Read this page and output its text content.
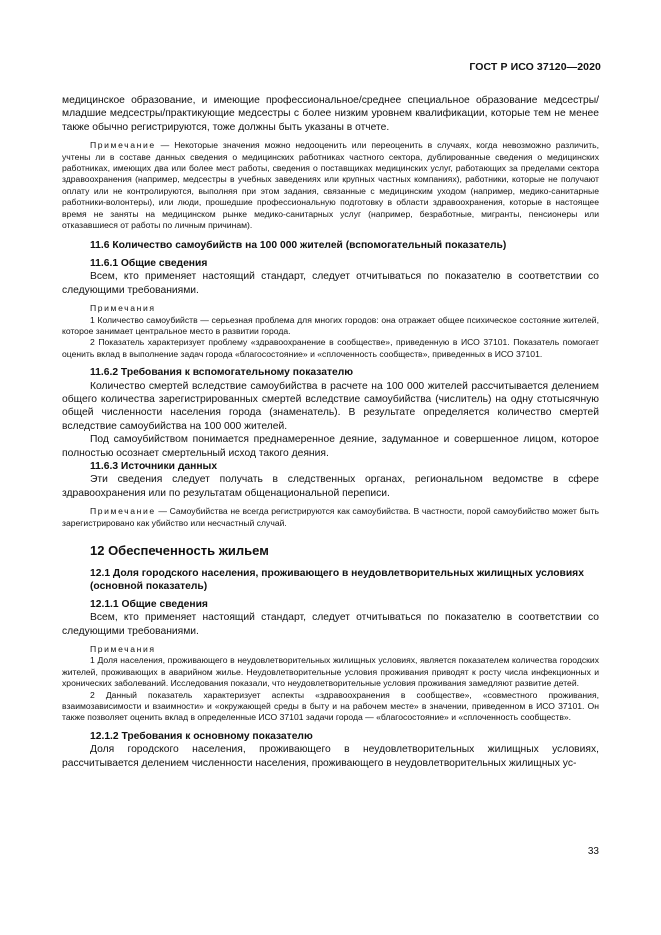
ГОСТ Р ИСО 37120—2020

медицинское образование, и имеющие профессиональное/среднее специальное образование медсестры/младшие медсестры/практикующие медсестры с более низким уровнем квалификации, которые тем не менее также обычно регистрируются, тоже должны быть указаны в отчете.

Примечание — Некоторые значения можно недооценить или переоценить в случаях, когда невозможно различить, учтены ли в составе данных сведения о медицинских работниках частного сектора, дублированные сведения о медицинских работниках, имеющих два или более мест работы, сведения о поставщиках медицинских услуг, работающих за пределами сектора здравоохранения (например, медсестры в учебных заведениях или крупных частных компаниях), работники, которые не получают оплату или не контролируются, выполняя при этом задания, связанные с медицинским уходом (например, медико-санитарные работники-волонтеры), или люди, прошедшие профессиональную подготовку в области здравоохранения, которые в настоящее время не заняты на медицинском рынке медико-санитарных услуг (например, безработные, мигранты, пенсионеры или отказавшиеся от работы по личным причинам).

11.6 Количество самоубийств на 100 000 жителей (вспомогательный показатель)

11.6.1 Общие сведения

Всем, кто применяет настоящий стандарт, следует отчитываться по показателю в соответствии со следующими требованиями.

Примечания

1 Количество самоубийств — серьезная проблема для многих городов: она отражает общее психическое состояние жителей, которое занимает центральное место в развитии города.

2 Показатель характеризует проблему «здравоохранение в сообществе», приведенную в ИСО 37101. Показатель помогает оценить вклад в выполнение задач города «благосостояние» и «сплоченность сообществ», приведенных в ИСО 37101.

11.6.2 Требования к вспомогательному показателю

Количество смертей вследствие самоубийства в расчете на 100 000 жителей рассчитывается делением общего количества зарегистрированных смертей вследствие самоубийства (числитель) на одну стотысячную общей численности населения города (знаменатель). В результате определяется количество смертей вследствие самоубийства на 100 000 жителей.

Под самоубийством понимается преднамеренное деяние, задуманное и совершенное лицом, которое полностью осознает смертельный исход такого деяния.

11.6.3 Источники данных

Эти сведения следует получать в следственных органах, региональном ведомстве в сфере здравоохранения или по результатам общенациональной переписи.

Примечание — Самоубийства не всегда регистрируются как самоубийства. В частности, порой самоубийство может быть зарегистрировано как убийство или несчастный случай.

12 Обеспеченность жильем

12.1 Доля городского населения, проживающего в неудовлетворительных жилищных условиях (основной показатель)

12.1.1 Общие сведения

Всем, кто применяет настоящий стандарт, следует отчитываться по показателю в соответствии со следующими требованиями.

Примечания

1 Доля населения, проживающего в неудовлетворительных жилищных условиях, является показателем количества городских жителей, проживающих в аварийном жилье. Неудовлетворительные условия проживания приводят к росту числа инфекционных и хронических заболеваний. Исследования показали, что неудовлетворительные условия проживания замедляют развитие детей.

2 Данный показатель характеризует аспекты «здравоохранения в сообществе», «совместного проживания, взаимозависимости и взаимности» и «окружающей среды в быту и на рабочем месте» в значении, приведенном в ИСО 37101. Он также позволяет оценить вклад в определенные ИСО 37101 задачи города — «благосостояние» и «сплоченность сообществ».

12.1.2 Требования к основному показателю

Доля городского населения, проживающего в неудовлетворительных жилищных условиях, рассчитывается делением численности населения, проживающего в неудовлетворительных жилищных ус-

33
